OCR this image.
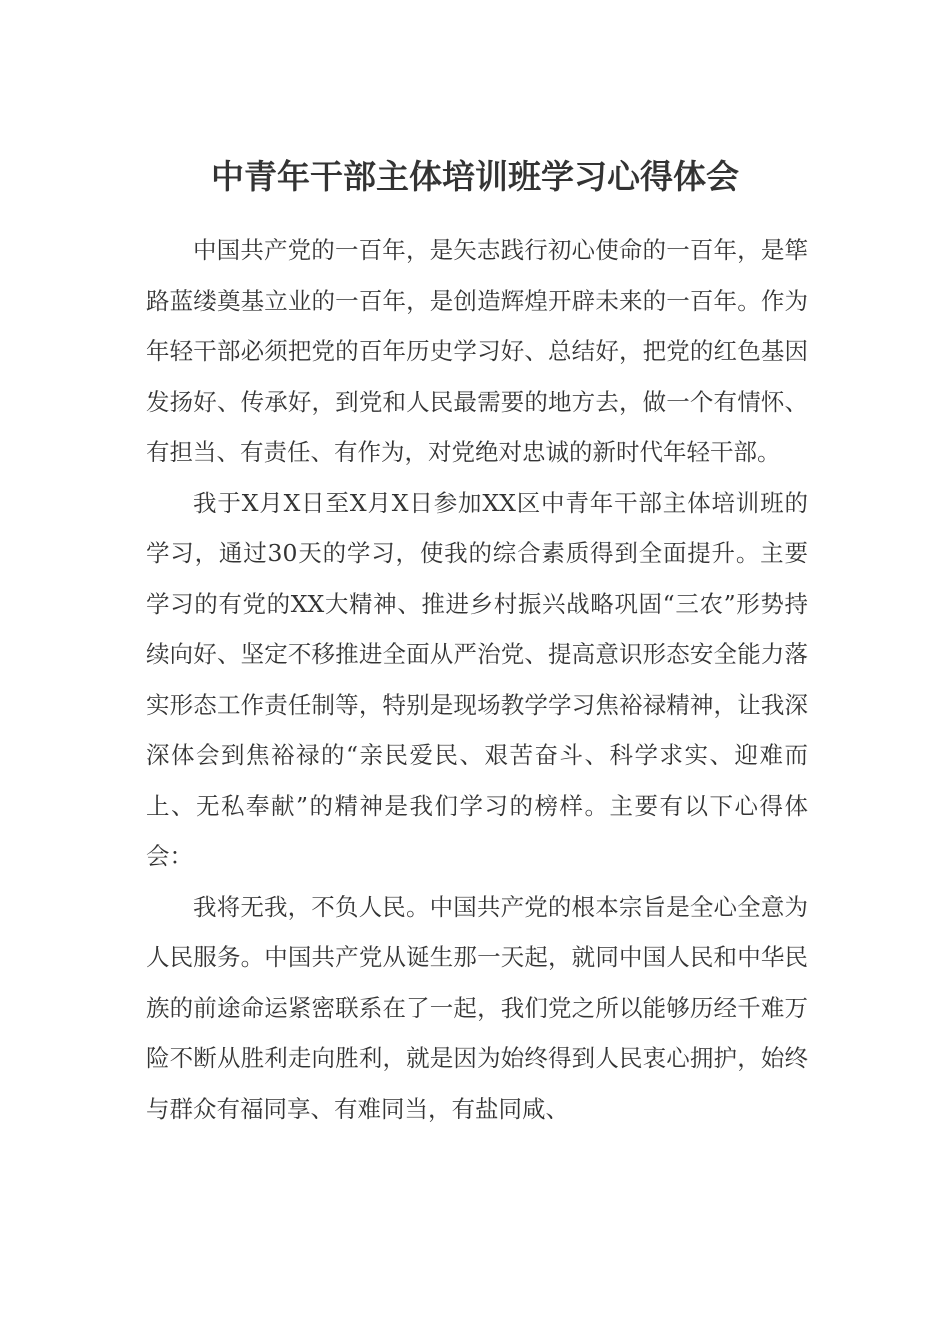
中青年干部主体培训班学习心得体会

中国共产党的一百年，是矢志践行初心使命的一百年，是筚路蓝缕奠基立业的一百年，是创造辉煌开辟未来的一百年。作为年轻干部必须把党的百年历史学习好、总结好，把党的红色基因发扬好、传承好，到党和人民最需要的地方去，做一个有情怀、有担当、有责任、有作为，对党绝对忠诚的新时代年轻干部。

我于X月X日至X月X日参加XX区中青年干部主体培训班的学习，通过30天的学习，使我的综合素质得到全面提升。主要学习的有党的XX大精神、推进乡村振兴战略巩固“三农”形势持续向好、坚定不移推进全面从严治党、提高意识形态安全能力落实形态工作责任制等，特别是现场教学学习焦裕禄精神，让我深深体会到焦裕禄的“亲民爱民、艰苦奋斗、科学求实、迎难而上、无私奉献”的精神是我们学习的榜样。主要有以下心得体会：

我将无我，不负人民。中国共产党的根本宗旨是全心全意为人民服务。中国共产党从诞生那一天起，就同中国人民和中华民族的前途命运紧密联系在了一起，我们党之所以能够历经千难万险不断从胜利走向胜利，就是因为始终得到人民衷心拥护，始终与群众有福同享、有难同当，有盐同咸、
